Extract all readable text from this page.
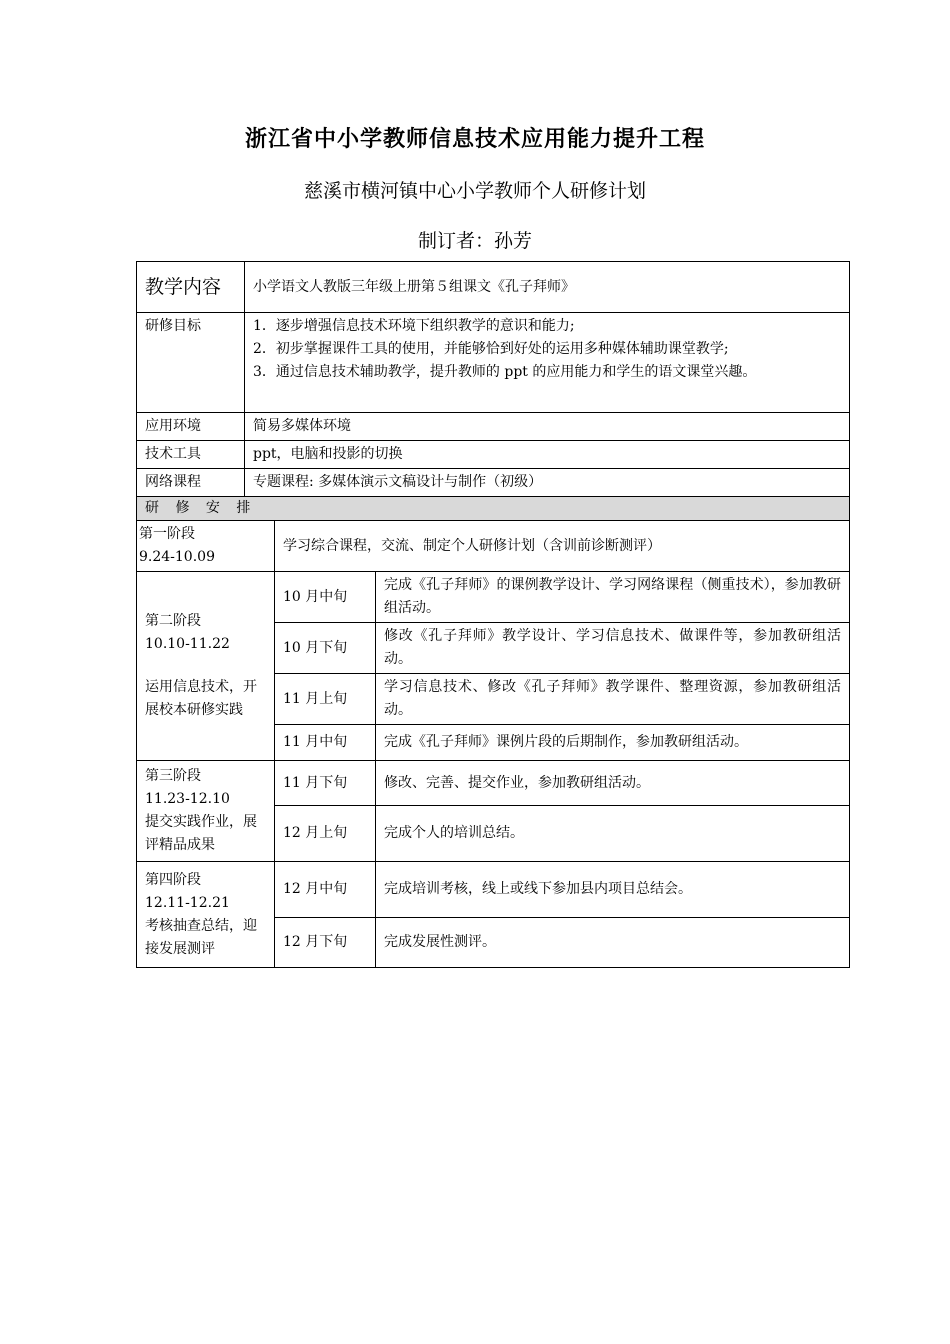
浙江省中小学教师信息技术应用能力提升工程
慈溪市横河镇中心小学教师个人研修计划
制订者：孙芳
教学内容	小学语文人教版三年级上册第５组课文《孔子拜师》		
研修目标	1．逐步增强信息技术环境下组织教学的意识和能力;
2．初步掌握课件工具的使用，并能够恰到好处的运用多种媒体辅助课堂教学;
3．通过信息技术辅助教学，提升教师的 ppt 的应用能力和学生的语文课堂兴趣。		

应用环境	简易多媒体环境		
技术工具	ppt，电脑和投影的切换		
网络课程	专题课程: 多媒体演示文稿设计与制作（初级）		
研 修 安 排			

第一阶段
9.24-10.09		学习综合课程，交流、制定个人研修计划（含训前诊断测评）	

第二阶段
10.10-11.22
运用信息技术，开展校本研修实践		10 月中旬	完成《孔子拜师》的课例教学设计、学习网络课程（侧重技术），参加教研组活动。
		10 月下旬	修改《孔子拜师》教学设计、学习信息技术、做课件等，参加教研组活动。
		11 月上旬	学习信息技术、修改《孔子拜师》教学课件、整理资源，参加教研组活动。
		11 月中旬	完成《孔子拜师》课例片段的后期制作，参加教研组活动。

第三阶段
11.23-12.10
提交实践作业，展评精品成果		11 月下旬	修改、完善、提交作业，参加教研组活动。
		12 月上旬	完成个人的培训总结。

第四阶段
12.11-12.21
考核抽查总结，迎接发展测评		12 月中旬	完成培训考核，线上或线下参加县内项目总结会。
		12 月下旬	完成发展性测评。
